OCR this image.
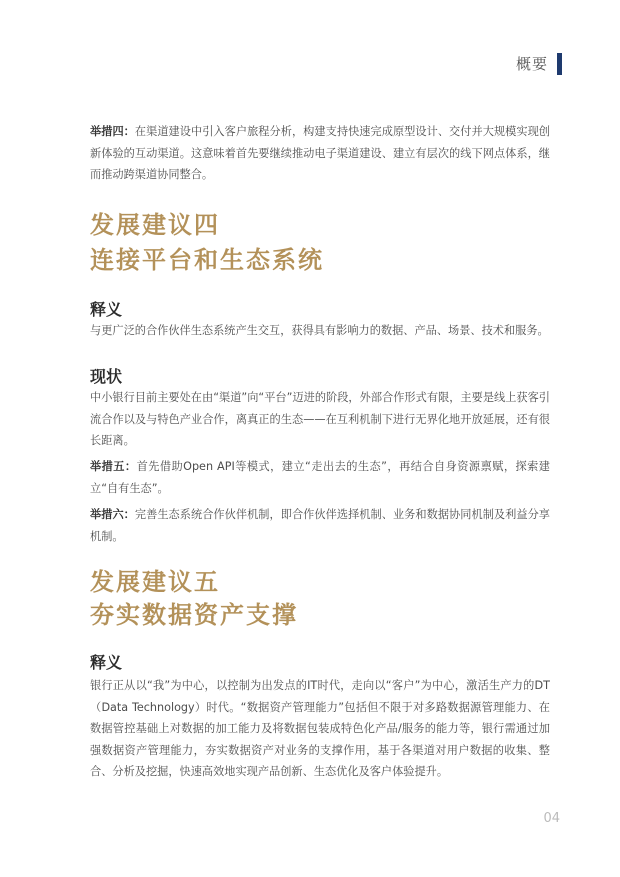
概要

举措四：在渠道建设中引入客户旅程分析，构建支持快速完成原型设计、交付并大规模实现创新体验的互动渠道。这意味着首先要继续推动电子渠道建设、建立有层次的线下网点体系，继而推动跨渠道协同整合。

发展建议四
连接平台和生态系统
释义

与更广泛的合作伙伴生态系统产生交互，获得具有影响力的数据、产品、场景、技术和服务。

现状

中小银行目前主要处在由“渠道”向“平台”迈进的阶段，外部合作形式有限，主要是线上获客引流合作以及与特色产业合作，离真正的生态——在互利机制下进行无界化地开放延展，还有很长距离。

举措五：首先借助Open API等模式，建立“走出去的生态”，再结合自身资源禀赋，探索建立“自有生态”。

举措六：完善生态系统合作伙伴机制，即合作伙伴选择机制、业务和数据协同机制及利益分享机制。

发展建议五
夯实数据资产支撑
释义

银行正从以“我”为中心，以控制为出发点的IT时代，走向以“客户”为中心，激活生产力的DT（Data Technology）时代。“数据资产管理能力”包括但不限于对多路数据源管理能力、在数据管控基础上对数据的加工能力及将数据包装成特色化产品/服务的能力等，银行需通过加强数据资产管理能力，夯实数据资产对业务的支撑作用，基于各渠道对用户数据的收集、整合、分析及挖掘，快速高效地实现产品创新、生态优化及客户体验提升。

04
